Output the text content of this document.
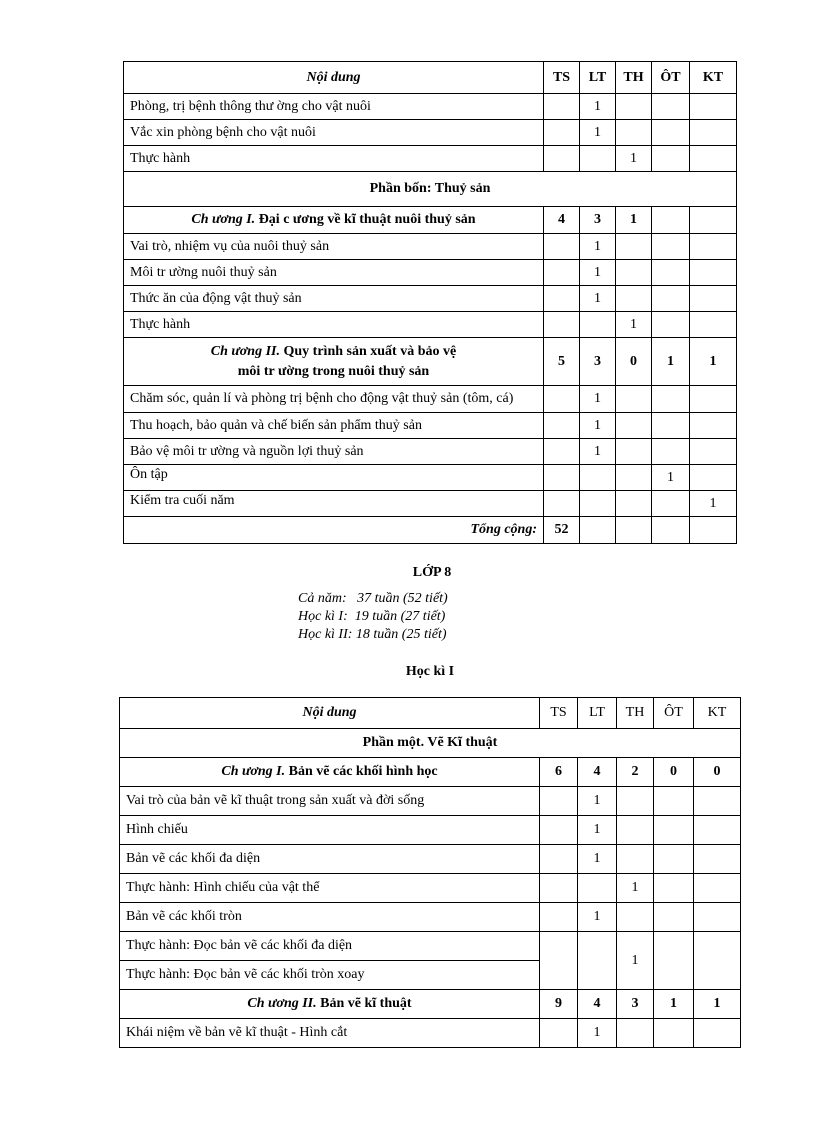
Nội dung	TS	LT	TH	ÔT	KT
Phòng, trị bệnh thông thư ờng cho vật nuôi		1			
Vắc xin phòng bệnh cho vật nuôi		1			
Thực hành			1		
Phần bốn: Thuỷ sản					
Ch ương I. Đại c ương về kĩ thuật nuôi thuỷ sản	4	3	1		
Vai trò, nhiệm vụ của nuôi thuỷ sản		1			
Môi tr ường nuôi thuỷ sản		1			
Thức ăn của động vật thuỷ sản		1			
Thực hành			1		

Ch ương II. Quy trình sản xuất và bảo vệ
môi tr ường trong nuôi thuỷ sản	5	3	0	1	1
Chăm sóc, quản lí và phòng trị bệnh cho động vật thuỷ sản (tôm, cá)		1			
Thu hoạch, bảo quản và chế biến sản phẩm thuỷ sản		1			
Bảo vệ môi tr ường và nguồn lợi thuỷ sản		1			
Ôn tập				1	
Kiểm tra cuối năm					1
Tổng cộng:	52				
LỚP 8
Cả năm:   37 tuần (52 tiết)
Học kì I:  19 tuần (27 tiết)
Học kì II: 18 tuần (25 tiết)
Học kì I
Nội dung	TS	LT	TH	ÔT	KT
Phần một. Vẽ Kĩ thuật					
Ch ương I. Bản vẽ các khối hình học	6	4	2	0	0
Vai trò của bản vẽ kĩ thuật trong sản xuất và đời sống		1			
Hình chiếu		1			
Bản vẽ các khối đa diện		1			
Thực hành: Hình chiếu của vật thể			1		
Bản vẽ các khối tròn		1			
Thực hành: Đọc bản vẽ các khối đa diện			1		
Thực hành: Đọc bản vẽ các khối tròn xoay					
Ch ương II. Bản vẽ kĩ thuật	9	4	3	1	1
Khái niệm về bản vẽ kĩ thuật - Hình cắt		1			
